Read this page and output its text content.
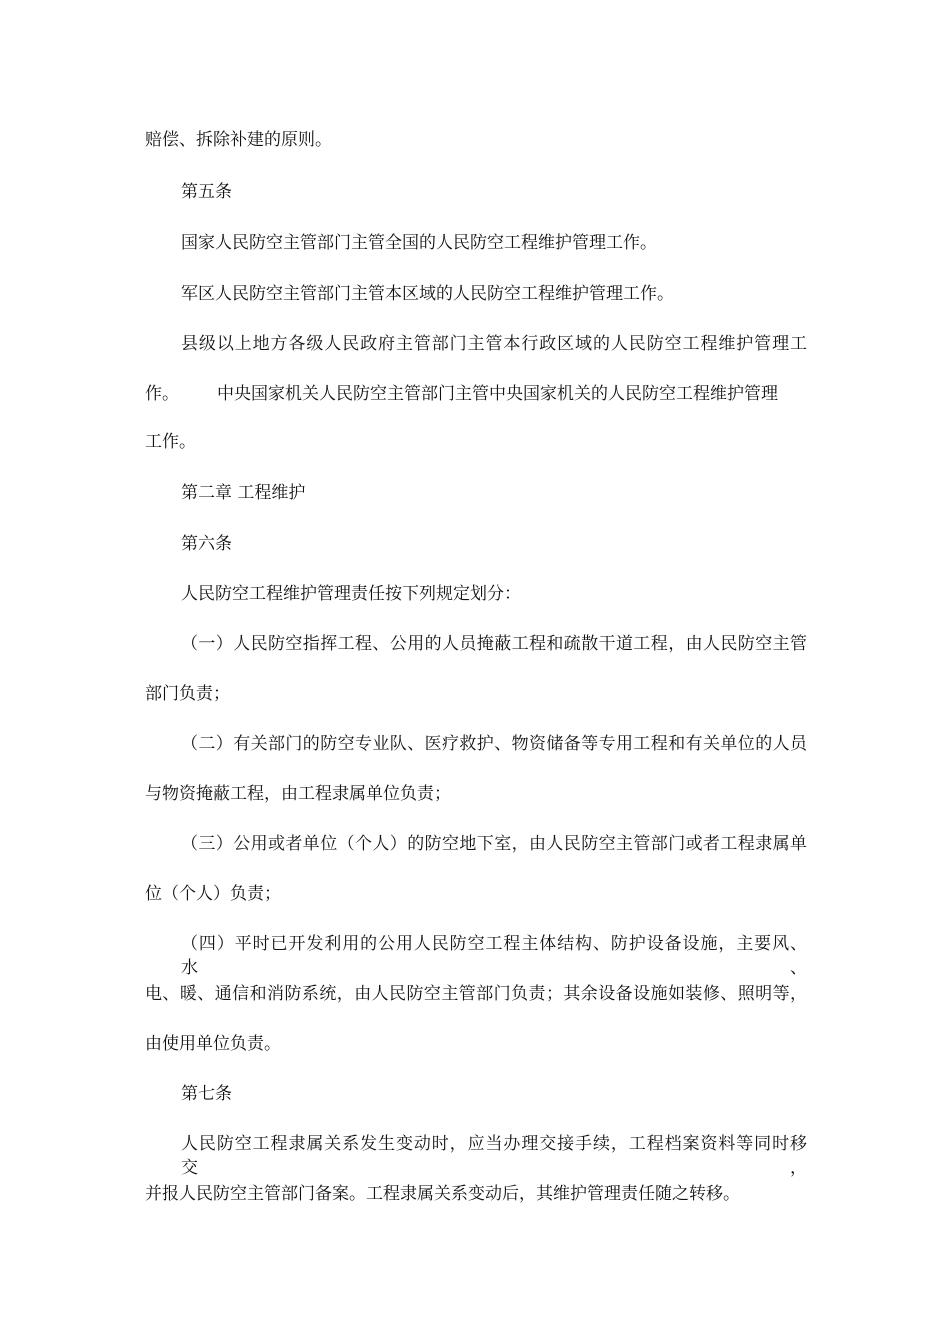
赔偿、拆除补建的原则。
第五条
国家人民防空主管部门主管全国的人民防空工程维护管理工作。
军区人民防空主管部门主管本区域的人民防空工程维护管理工作。
县级以上地方各级人民政府主管部门主管本行政区域的人民防空工程维护管理工
作。 中央国家机关人民防空主管部门主管中央国家机关的人民防空工程维护管理
工作。
第二章 工程维护
第六条
人民防空工程维护管理责任按下列规定划分：
（一）人民防空指挥工程、公用的人员掩蔽工程和疏散干道工程，由人民防空主管
部门负责；
（二）有关部门的防空专业队、医疗救护、物资储备等专用工程和有关单位的人员
与物资掩蔽工程，由工程隶属单位负责；
（三）公用或者单位（个人）的防空地下室，由人民防空主管部门或者工程隶属单
位（个人）负责；
（四）平时已开发利用的公用人民防空工程主体结构、防护设备设施，主要风、水、
电、暖、通信和消防系统，由人民防空主管部门负责；其余设备设施如装修、照明等，
由使用单位负责。
第七条
人民防空工程隶属关系发生变动时，应当办理交接手续，工程档案资料等同时移交，
并报人民防空主管部门备案。工程隶属关系变动后，其维护管理责任随之转移。
